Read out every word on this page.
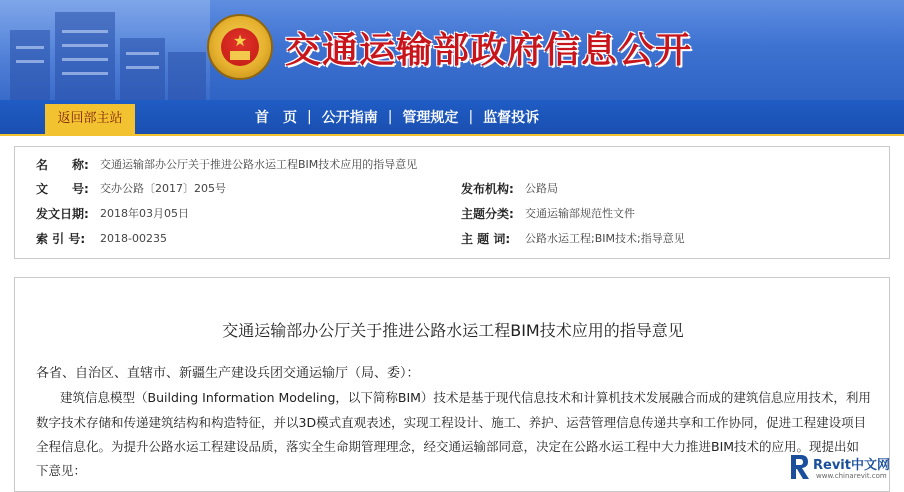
★	交通运输部政府信息公开
返回部主站	首　页 | 公开指南 | 管理规定 | 监督投诉
名　　称:	交通运输部办公厅关于推进公路水运工程BIM技术应用的指导意见
文　　号:	交办公路〔2017〕205号	发布机构:	公路局
发文日期:	2018年03月05日	主题分类:	交通运输部规范性文件
索 引 号:	2018-00235	主 题 词:	公路水运工程;BIM技术;指导意见
交通运输部办公厅关于推进公路水运工程BIM技术应用的指导意见
各省、自治区、直辖市、新疆生产建设兵团交通运输厅（局、委）：
建筑信息模型（Building Information Modeling，以下简称BIM）技术是基于现代信息技术和计算机技术发展融合而成的建筑信息应用技术，利用
数字技术存储和传递建筑结构和构造特征，并以3D模式直观表述，实现工程设计、施工、养护、运营管理信息传递共享和工作协同，促进工程建设项目
全程信息化。为提升公路水运工程建设品质，落实全生命期管理理念，经交通运输部同意，决定在公路水运工程中大力推进BIM技术的应用。现提出如
下意见：	Revit中文网
www.chinarevit.com
